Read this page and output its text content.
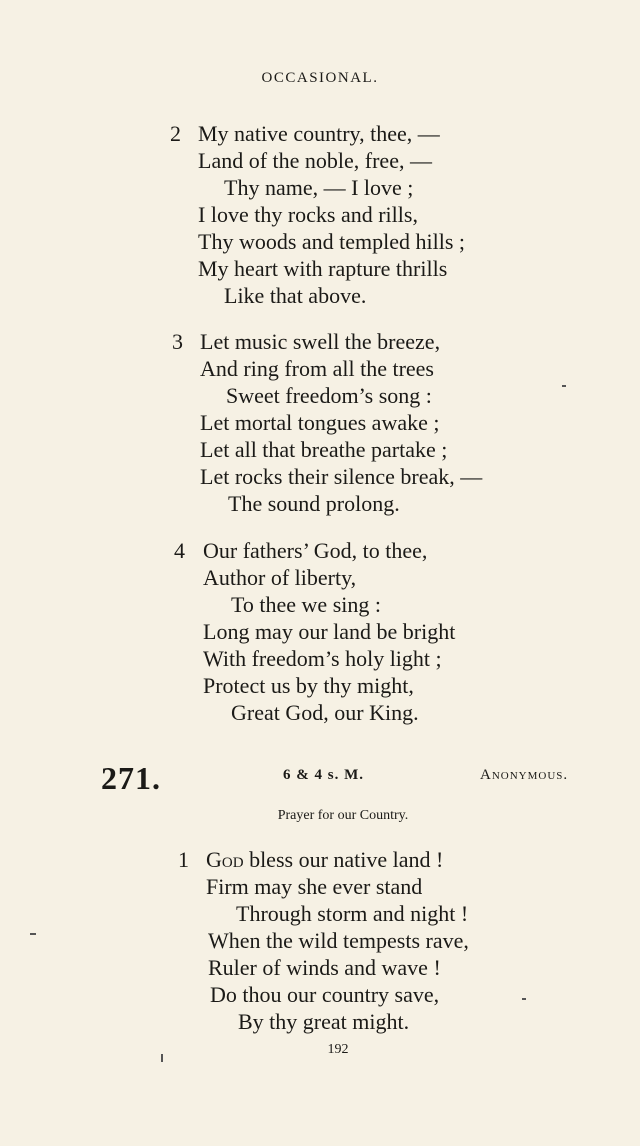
OCCASIONAL.
2 My native country, thee, —
Land of the noble, free, —
Thy name, — I love ;
I love thy rocks and rills,
Thy woods and templed hills ;
My heart with rapture thrills
Like that above.
3 Let music swell the breeze,
And ring from all the trees
Sweet freedom’s song :
Let mortal tongues awake ;
Let all that breathe partake ;
Let rocks their silence break, —
The sound prolong.
4 Our fathers’ God, to thee,
Author of liberty,
To thee we sing :
Long may our land be bright
With freedom’s holy light ;
Protect us by thy might,
Great God, our King.
271.	6 & 4 s. M.	Anonymous.
Prayer for our Country.
1 God bless our native land !
Firm may she ever stand
Through storm and night !
When the wild tempests rave,
Ruler of winds and wave !
Do thou our country save,
By thy great might.
192
